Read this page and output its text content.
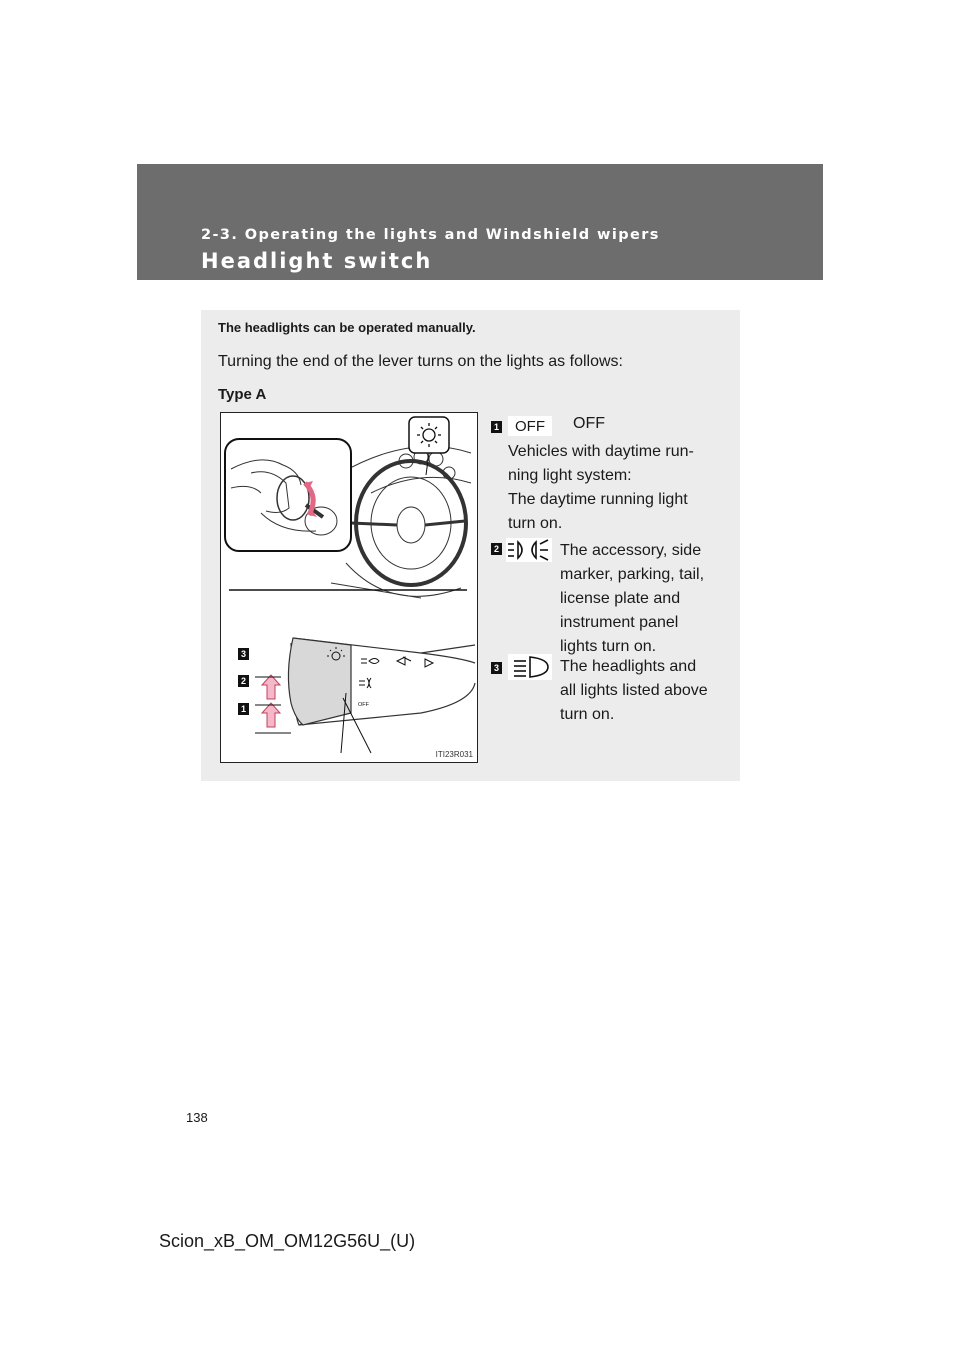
2-3. Operating the lights and Windshield wipers
Headlight switch
The headlights can be operated manually.
Turning the end of the lever turns on the lights as follows:
Type A
OFF
3
2
1
ITI23R031
1	OFF	OFF
Vehicles with daytime run-
ning light system:
The daytime running light
turn on.
2	The accessory, side
marker, parking, tail,
license plate and
instrument panel
lights turn on.
3	The headlights and
all lights listed above
turn on.
138
Scion_xB_OM_OM12G56U_(U)
